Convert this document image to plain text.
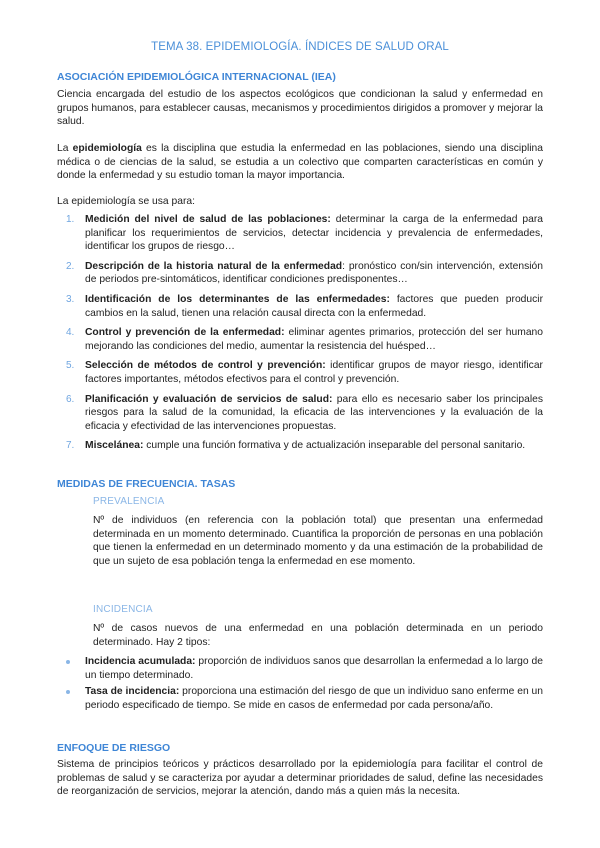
TEMA 38. EPIDEMIOLOGÍA. ÍNDICES DE SALUD ORAL
ASOCIACIÓN EPIDEMIOLÓGICA INTERNACIONAL (IEA)

Ciencia encargada del estudio de los aspectos ecológicos que condicionan la salud y enfermedad en grupos humanos, para establecer causas, mecanismos y procedimientos dirigidos a promover y mejorar la salud.

La epidemiología es la disciplina que estudia la enfermedad en las poblaciones, siendo una disciplina médica o de ciencias de la salud, se estudia a un colectivo que comparten características en común y donde la enfermedad y su estudio toman la mayor importancia.

La epidemiología se usa para:

1. Medición del nivel de salud de las poblaciones: determinar la carga de la enfermedad para planificar los requerimientos de servicios, detectar incidencia y prevalencia de enfermedades, identificar los grupos de riesgo…
2. Descripción de la historia natural de la enfermedad: pronóstico con/sin intervención, extensión de periodos pre-sintomáticos, identificar condiciones predisponentes…
3. Identificación de los determinantes de las enfermedades: factores que pueden producir cambios en la salud, tienen una relación causal directa con la enfermedad.
4. Control y prevención de la enfermedad: eliminar agentes primarios, protección del ser humano mejorando las condiciones del medio, aumentar la resistencia del huésped…
5. Selección de métodos de control y prevención: identificar grupos de mayor riesgo, identificar factores importantes, métodos efectivos para el control y prevención.
6. Planificación y evaluación de servicios de salud: para ello es necesario saber los principales riesgos para la salud de la comunidad, la eficacia de las intervenciones y la evaluación de la eficacia y efectividad de las intervenciones propuestas.
7. Miscelánea: cumple una función formativa y de actualización inseparable del personal sanitario.
MEDIDAS DE FRECUENCIA. TASAS
PREVALENCIA

Nº de individuos (en referencia con la población total) que presentan una enfermedad determinada en un momento determinado. Cuantifica la proporción de personas en una población que tienen la enfermedad en un determinado momento y da una estimación de la probabilidad de que un sujeto de esa población tenga la enfermedad en ese momento.

INCIDENCIA

Nº de casos nuevos de una enfermedad en una población determinada en un periodo determinado. Hay 2 tipos:

Incidencia acumulada: proporción de individuos sanos que desarrollan la enfermedad a lo largo de un tiempo determinado.
Tasa de incidencia: proporciona una estimación del riesgo de que un individuo sano enferme en un periodo especificado de tiempo. Se mide en casos de enfermedad por cada persona/año.
ENFOQUE DE RIESGO

Sistema de principios teóricos y prácticos desarrollado por la epidemiología para facilitar el control de problemas de salud y se caracteriza por ayudar a determinar prioridades de salud, define las necesidades de reorganización de servicios, mejorar la atención, dando más a quien más la necesita.
